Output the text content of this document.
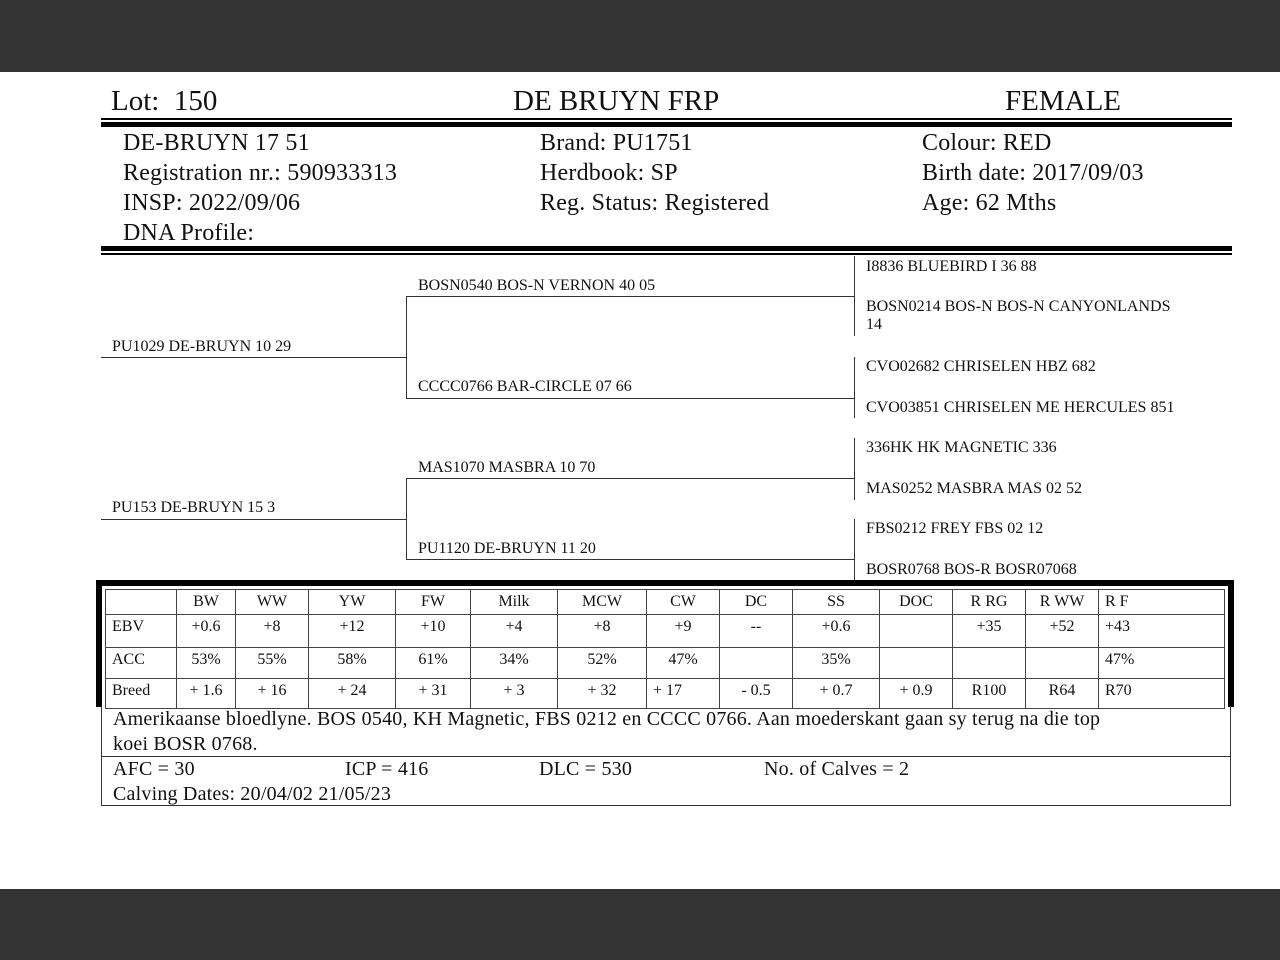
Lot: 150	DE BRUYN FRP	FEMALE
DE-BRUYN 17 51
Registration nr.: 590933313
INSP: 2022/09/06
DNA Profile:
Brand: PU1751
Herdbook: SP
Reg. Status: Registered
Colour: RED
Birth date: 2017/09/03
Age: 62 Mths
PU1029 DE-BRUYN 10 29
PU153 DE-BRUYN 15 3
BOSN0540 BOS-N VERNON 40 05
CCCC0766 BAR-CIRCLE 07 66
MAS1070 MASBRA 10 70
PU1120 DE-BRUYN 11 20
I8836 BLUEBIRD I 36 88
BOSN0214 BOS-N BOS-N CANYONLANDS
14
CVO02682 CHRISELEN HBZ 682
CVO03851 CHRISELEN ME HERCULES 851
336HK HK MAGNETIC 336
MAS0252 MASBRA MAS 02 52
FBS0212 FREY FBS 02 12
BOSR0768 BOS-R BOSR07068
	BW	WW	YW	FW	Milk	MCW	CW	DC	SS	DOC	R RG	R WW	R F
EBV	+0.6	+8	+12	+10	+4	+8	+9	--	+0.6		+35	+52	+43
ACC	53%	55%	58%	61%	34%	52%	47%		35%				47%
Breed	+ 1.6	+ 16	+ 24	+ 31	+ 3	+ 32	+ 17	- 0.5	+ 0.7	+ 0.9	R100	R64	R70
Amerikaanse bloedlyne. BOS 0540, KH Magnetic, FBS 0212 en CCCC 0766. Aan moederskant gaan sy terug na die top
koei BOSR 0768.
AFC = 30	ICP = 416	DLC = 530	No. of Calves = 2
Calving Dates: 20/04/02 21/05/23
